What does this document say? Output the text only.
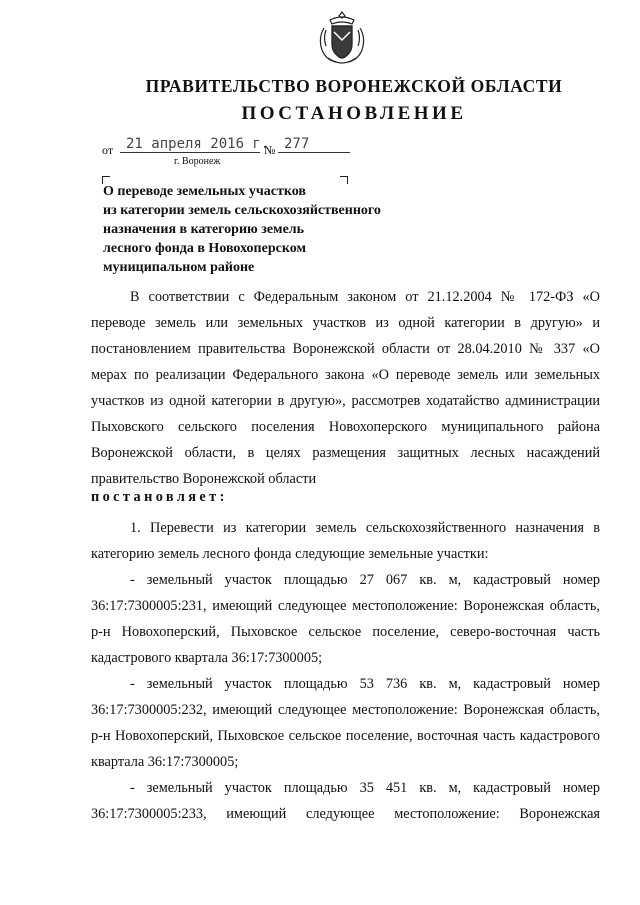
ПРАВИТЕЛЬСТВО ВОРОНЕЖСКОЙ ОБЛАСТИ
ПОСТАНОВЛЕНИЕ
от 21 апреля 2016 г.
№ 277
г. Воронеж
О переводе земельных участков
из категории земель сельскохозяйственного
назначения в категорию земель
лесного фонда в Новохоперском
муниципальном районе
В соответствии с Федеральным законом от 21.12.2004 № 172-ФЗ «О переводе земель или земельных участков из одной категории в другую» и постановлением правительства Воронежской области от 28.04.2010 № 337 «О мерах по реализации Федерального закона «О переводе земель или земельных участков из одной категории в другую», рассмотрев ходатайство администрации Пыховского сельского поселения Новохоперского муниципального района Воронежской области, в целях размещения защитных лесных насаждений правительство Воронежской области
постановляет:
1. Перевести из категории земель сельскохозяйственного назначения в категорию земель лесного фонда следующие земельные участки:
- земельный участок площадью 27 067 кв. м, кадастровый номер 36:17:7300005:231, имеющий следующее местоположение: Воронежская область, р-н Новохоперский, Пыховское сельское поселение, северо-восточная часть кадастрового квартала 36:17:7300005;
- земельный участок площадью 53 736 кв. м, кадастровый номер 36:17:7300005:232, имеющий следующее местоположение: Воронежская область, р-н Новохоперский, Пыховское сельское поселение, восточная часть кадастрового квартала 36:17:7300005;
- земельный участок площадью 35 451 кв. м, кадастровый номер 36:17:7300005:233, имеющий следующее местоположение: Воронежская
